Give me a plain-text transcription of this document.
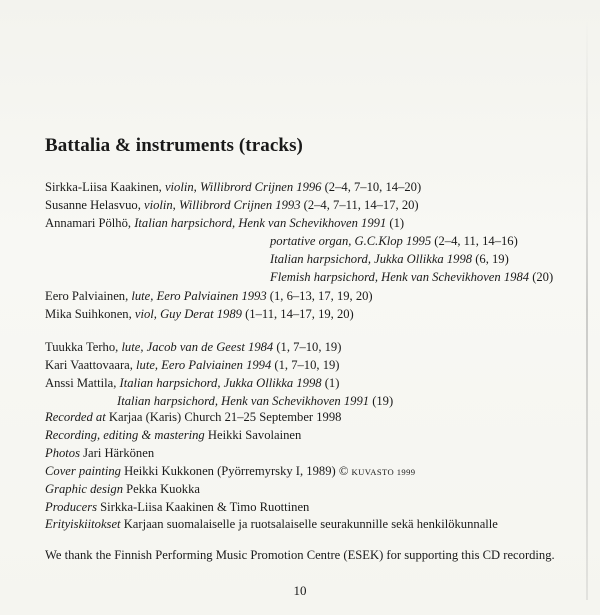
Battalia & instruments (tracks)
Sirkka-Liisa Kaakinen, violin, Willibrord Crijnen 1996 (2–4, 7–10, 14–20)
Susanne Helasvuo, violin, Willibrord Crijnen 1993 (2–4, 7–11, 14–17, 20)
Annamari Pölhö, Italian harpsichord, Henk van Schevikhoven 1991 (1)
portative organ, G.C.Klop 1995 (2–4, 11, 14–16)
Italian harpsichord, Jukka Ollikka 1998 (6, 19)
Flemish harpsichord, Henk van Schevikhoven 1984 (20)
Eero Palviainen, lute, Eero Palviainen 1993 (1, 6–13, 17, 19, 20)
Mika Suihkonen, viol, Guy Derat 1989 (1–11, 14–17, 19, 20)
Tuukka Terho, lute, Jacob van de Geest 1984 (1, 7–10, 19)
Kari Vaattovaara, lute, Eero Palviainen 1994 (1, 7–10, 19)
Anssi Mattila, Italian harpsichord, Jukka Ollikka 1998 (1)
Italian harpsichord, Henk van Schevikhoven 1991 (19)
Recorded at Karjaa (Karis) Church 21–25 September 1998
Recording, editing & mastering Heikki Savolainen
Photos Jari Härkönen
Cover painting Heikki Kukkonen (Pyörremyrsky I, 1989) © KUVASTO 1999
Graphic design Pekka Kuokka
Producers Sirkka-Liisa Kaakinen & Timo Ruottinen
Erityiskiitokset Karjaan suomalaiselle ja ruotsalaiselle seurakunnille sekä henkilökunnalle
We thank the Finnish Performing Music Promotion Centre (ESEK) for supporting this CD recording.
10
